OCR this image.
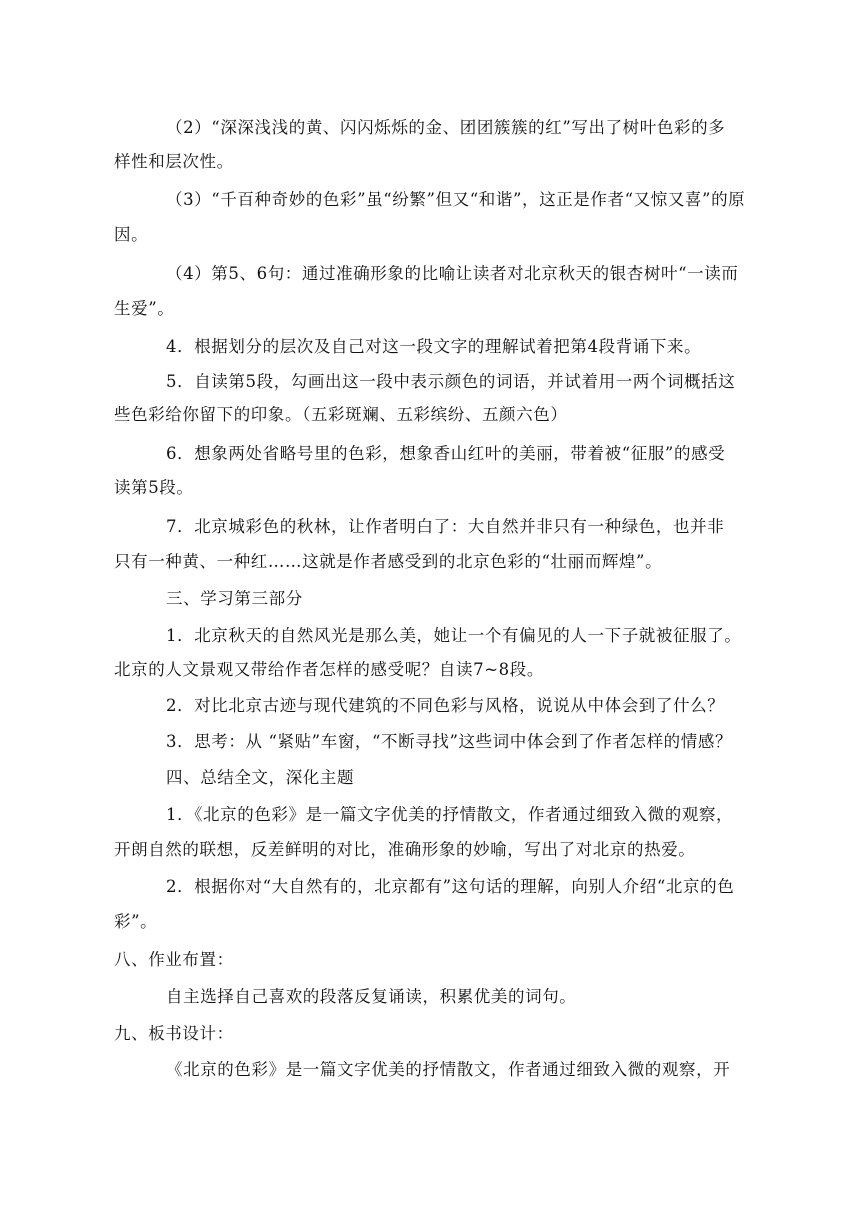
（2）“深深浅浅的黄、闪闪烁烁的金、团团簇簇的红”写出了树叶色彩的多
样性和层次性。
（3）“千百种奇妙的色彩”虽“纷繁”但又“和谐”，这正是作者“又惊又喜”的原
因。
（4）第5、6句：通过准确形象的比喻让读者对北京秋天的银杏树叶“一读而
生爱”。
4．根据划分的层次及自己对这一段文字的理解试着把第4段背诵下来。
5．自读第5段，勾画出这一段中表示颜色的词语，并试着用一两个词概括这
些色彩给你留下的印象。（五彩斑斓、五彩缤纷、五颜六色）
6．想象两处省略号里的色彩，想象香山红叶的美丽，带着被“征服”的感受
读第5段。
7．北京城彩色的秋林，让作者明白了：大自然并非只有一种绿色，也并非
只有一种黄、一种红……这就是作者感受到的北京色彩的“壮丽而辉煌”。
三、学习第三部分
1．北京秋天的自然风光是那么美，她让一个有偏见的人一下子就被征服了。
北京的人文景观又带给作者怎样的感受呢？自读7~8段。
2．对比北京古迹与现代建筑的不同色彩与风格，说说从中体会到了什么？
3．思考：从 “紧贴”车窗，“不断寻找”这些词中体会到了作者怎样的情感？
四、总结全文，深化主题
1．《北京的色彩》是一篇文字优美的抒情散文，作者通过细致入微的观察，
开朗自然的联想，反差鲜明的对比，准确形象的妙喻，写出了对北京的热爱。
2．根据你对“大自然有的，北京都有”这句话的理解，向别人介绍“北京的色
彩”。
八、作业布置：
自主选择自己喜欢的段落反复诵读，积累优美的词句。
九、板书设计：
《北京的色彩》是一篇文字优美的抒情散文，作者通过细致入微的观察，开
